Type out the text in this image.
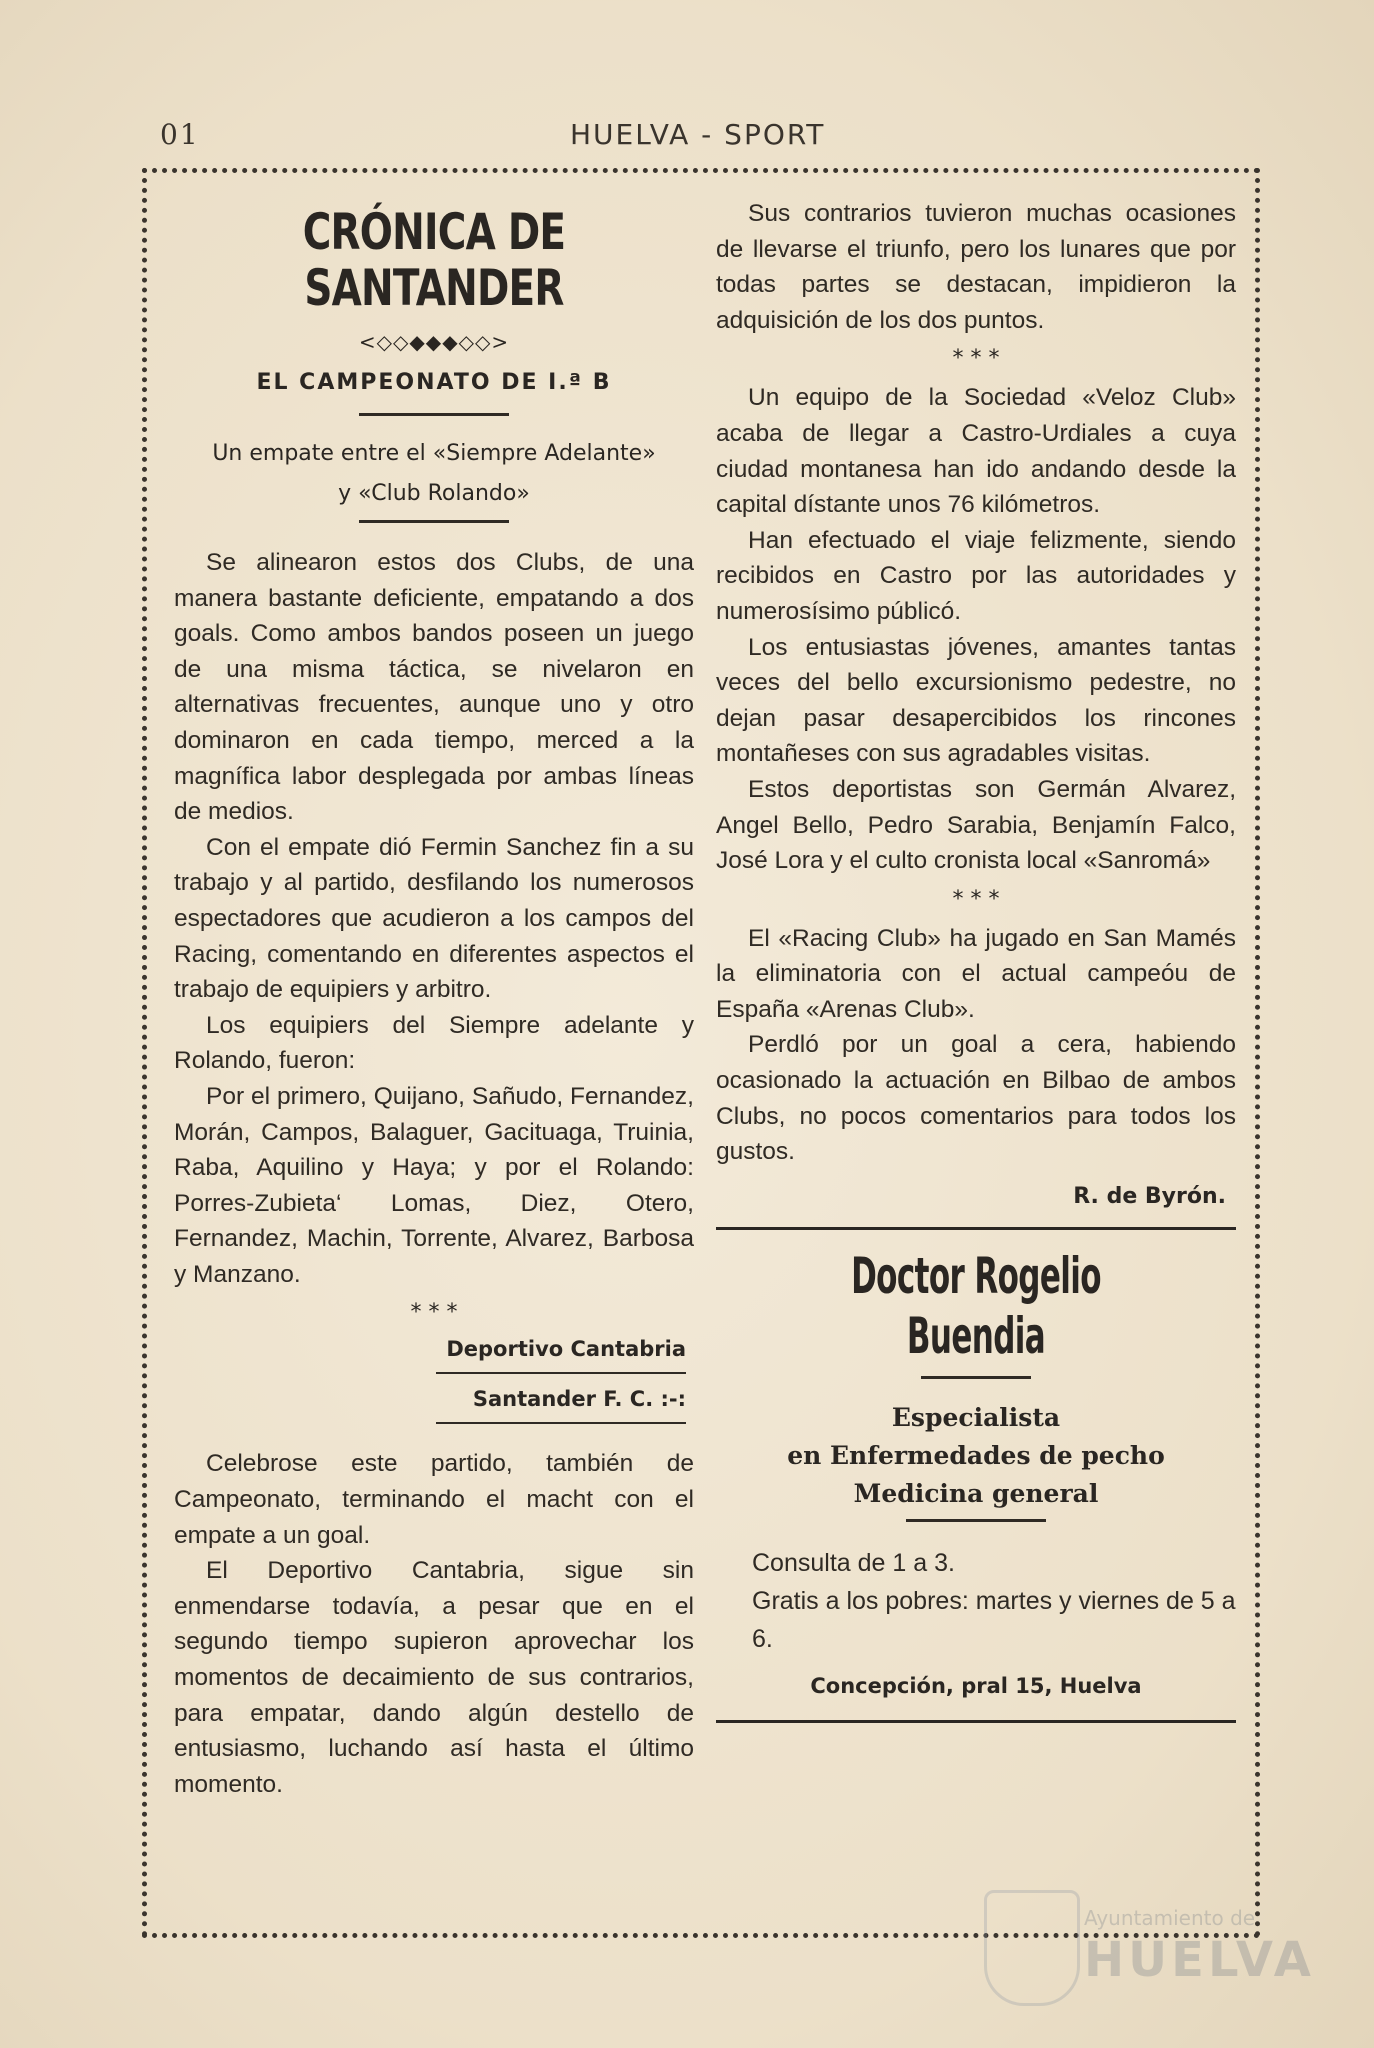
01	HUELVA - SPORT
CRÓNICA DE SANTANDER
<◇◇◆◆◆◇◇>
EL CAMPEONATO DE I.ª B
Un empate entre el «Siempre Adelante»
y «Club Rolando»

Se alinearon estos dos Clubs, de una manera bastante deficiente, empatando a dos goals. Como ambos bandos poseen un juego de una misma táctica, se nivelaron en alternativas frecuentes, aunque uno y otro dominaron en cada tiempo, merced a la magnífica labor desplegada por ambas líneas de medios.

Con el empate dió Fermin Sanchez fin a su trabajo y al partido, desfilando los numerosos espectadores que acudieron a los campos del Racing, comentando en diferentes aspectos el trabajo de equipiers y arbitro.

Los equipiers del Siempre adelante y Rolando, fueron:

Por el primero, Quijano, Sañudo, Fernandez, Morán, Campos, Balaguer, Gacituaga, Truinia, Raba, Aquilino y Haya; y por el Rolando: Porres-Zubieta‘ Lomas, Diez, Otero, Fernandez, Machin, Torrente, Alvarez, Barbosa y Manzano.

* * *
Deportivo Cantabria
Santander F. C. :-:

Celebrose este partido, también de Campeonato, terminando el macht con el empate a un goal.

El Deportivo Cantabria, sigue sin enmendarse todavía, a pesar que en el segundo tiempo supieron aprovechar los momentos de decaimiento de sus contrarios, para empatar, dando algún destello de entusiasmo, luchando así hasta el último momento.

Sus contrarios tuvieron muchas ocasiones de llevarse el triunfo, pero los lunares que por todas partes se destacan, impidieron la adquisición de los dos puntos.

* * *

Un equipo de la Sociedad «Veloz Club» acaba de llegar a Castro-Urdiales a cuya ciudad montanesa han ido andando desde la capital dístante unos 76 kilómetros.

Han efectuado el viaje felizmente, siendo recibidos en Castro por las autoridades y numerosísimo públicó.

Los entusiastas jóvenes, amantes tantas veces del bello excursionismo pedestre, no dejan pasar desapercibidos los rincones montañeses con sus agradables visitas.

Estos deportistas son Germán Alvarez, Angel Bello, Pedro Sarabia, Benjamín Falco, José Lora y el culto cronista local «Sanromá»

* * *

El «Racing Club» ha jugado en San Mamés la eliminatoria con el actual campeóu de España «Arenas Club».

Perdló por un goal a cera, habiendo ocasionado la actuación en Bilbao de ambos Clubs, no pocos comentarios para todos los gustos.

R. de Byrón.
Doctor Rogelio Buendia
Especialista
en Enfermedades de pecho
Medicina general

Consulta de 1 a 3.

Gratis a los pobres: martes y viernes de 5 a 6.

Concepción, pral 15, Huelva
Ayuntamiento de
HUELVA
